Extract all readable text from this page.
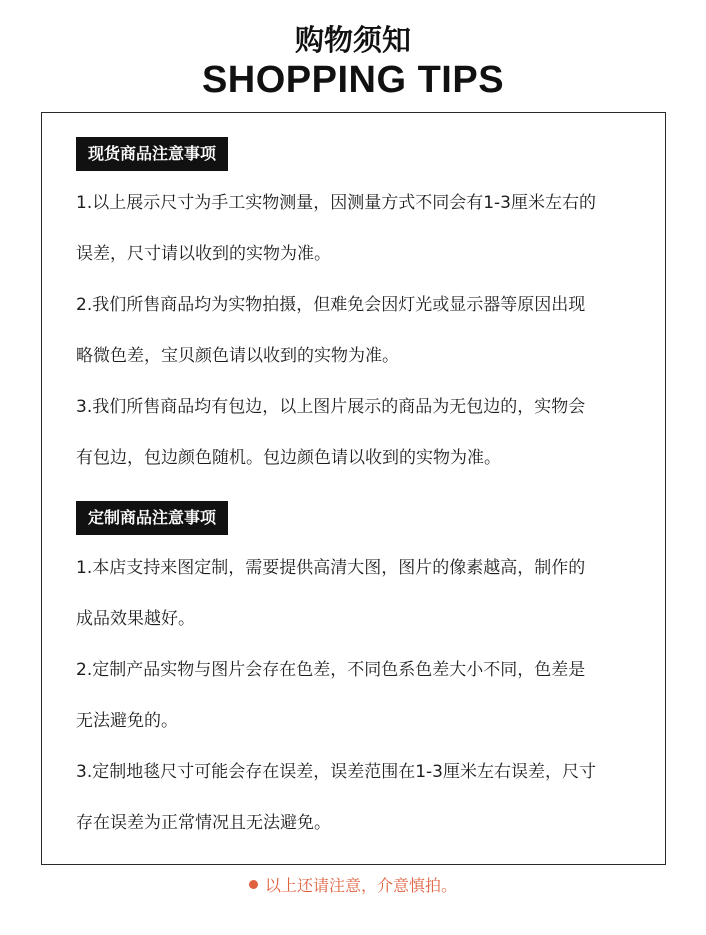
购物须知
SHOPPING TIPS
现货商品注意事项
1.以上展示尺寸为手工实物测量，因测量方式不同会有1-3厘米左右的
误差，尺寸请以收到的实物为准。
2.我们所售商品均为实物拍摄，但难免会因灯光或显示器等原因出现
略微色差，宝贝颜色请以收到的实物为准。
3.我们所售商品均有包边，以上图片展示的商品为无包边的，实物会
有包边，包边颜色随机。包边颜色请以收到的实物为准。
定制商品注意事项
1.本店支持来图定制，需要提供高清大图，图片的像素越高，制作的
成品效果越好。
2.定制产品实物与图片会存在色差，不同色系色差大小不同，色差是
无法避免的。
3.定制地毯尺寸可能会存在误差，误差范围在1-3厘米左右误差，尺寸
存在误差为正常情况且无法避免。
以上还请注意，介意慎拍。
